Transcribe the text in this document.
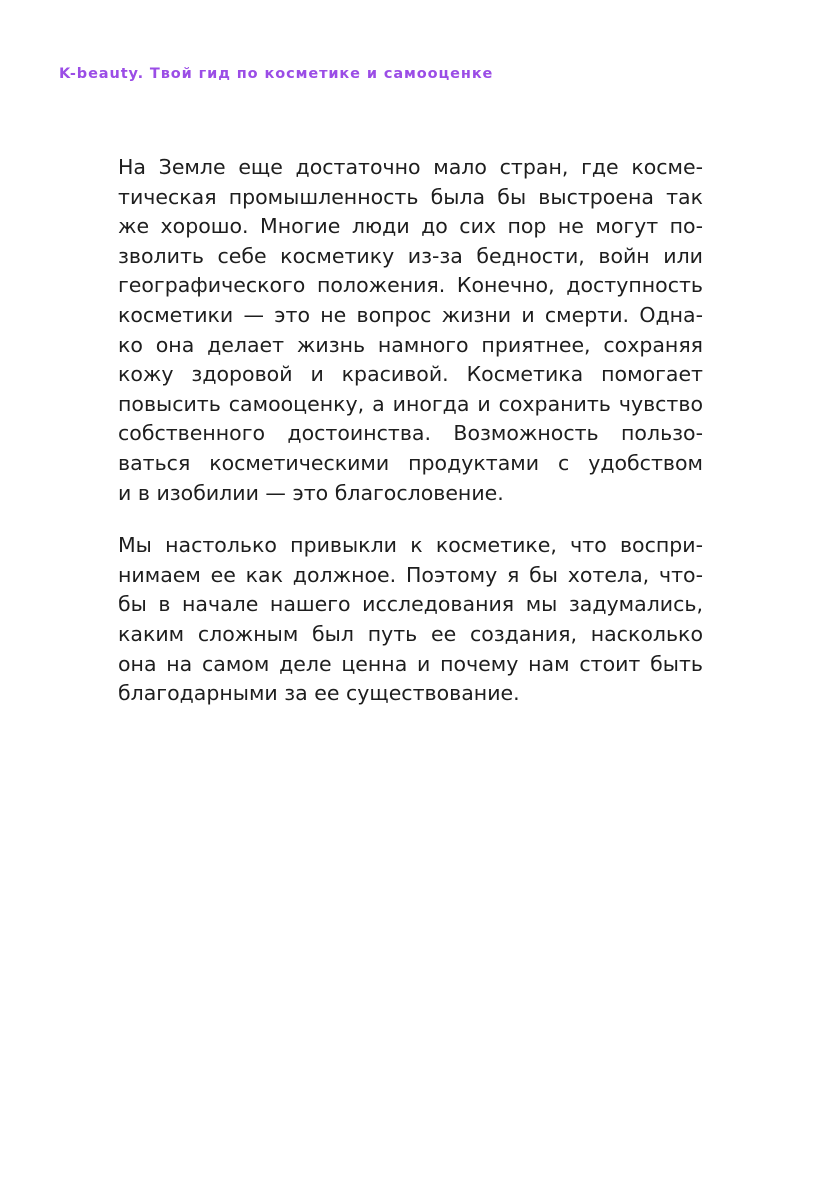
K-beauty. Твой гид по косметике и самооценке

На Земле еще достаточно мало стран, где косме-
тическая промышленность была бы выстроена так
же хорошо. Многие люди до сих пор не могут по-
зволить себе косметику из-за бедности, войн или
географического положения. Конечно, доступность
косметики — это не вопрос жизни и смерти. Одна-
ко она делает жизнь намного приятнее, сохраняя
кожу здоровой и красивой. Косметика помогает
повысить самооценку, а иногда и сохранить чувство
собственного достоинства. Возможность пользо-
ваться косметическими продуктами с удобством
и в изобилии — это благословение.

Мы настолько привыкли к косметике, что воспри-
нимаем ее как должное. Поэтому я бы хотела, что-
бы в начале нашего исследования мы задумались,
каким сложным был путь ее создания, насколько
она на самом деле ценна и почему нам стоит быть
благодарными за ее существование.
